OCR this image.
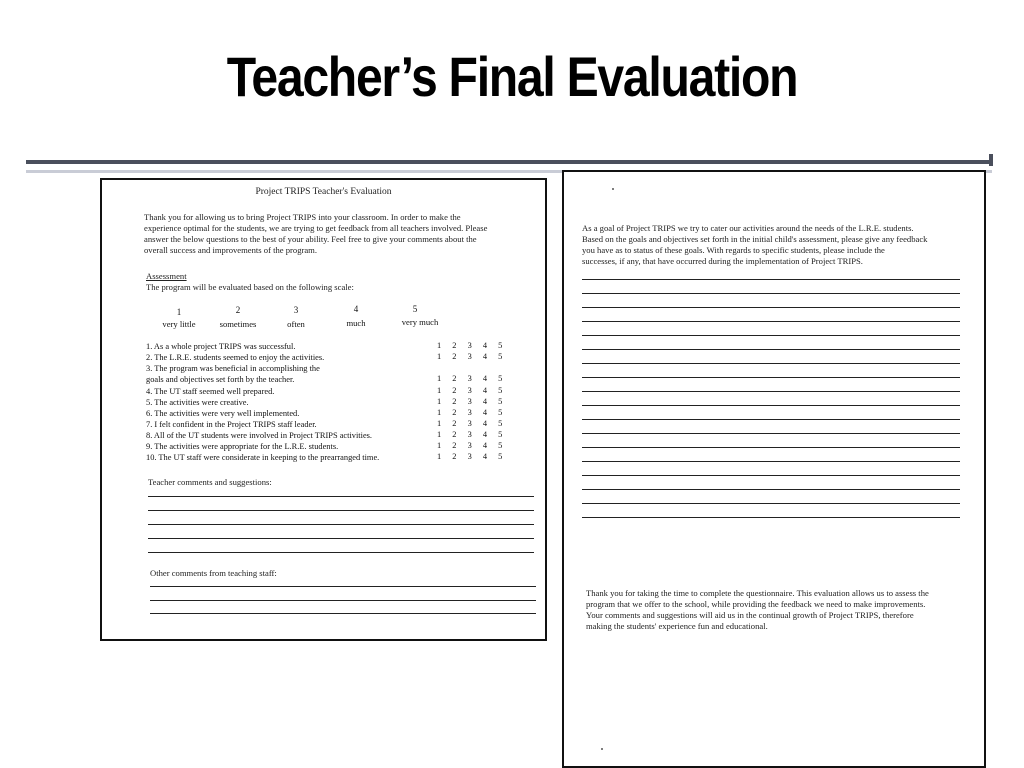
Teacher’s Final Evaluation
Project TRIPS Teacher's Evaluation
Thank you for allowing us to bring Project TRIPS into your classroom. In order to make the
experience optimal for the students, we are trying to get feedback from all teachers involved. Please
answer the below questions to the best of your ability. Feel free to give your comments about the
overall success and improvements of the program.
Assessment
The program will be evaluated based on the following scale:
1	2	3	4	5
very little	sometimes	often	much	very much
1. As a whole project TRIPS was successful.	1 2 3 4 5
2. The L.R.E. students seemed to enjoy the activities.	1 2 3 4 5
3. The program was beneficial in accomplishing the
goals and objectives set forth by the teacher.	1 2 3 4 5
4. The UT staff seemed well prepared.	1 2 3 4 5
5. The activities were creative.	1 2 3 4 5
6. The activities were very well implemented.	1 2 3 4 5
7. I felt confident in the Project TRIPS staff leader.	1 2 3 4 5
8. All of the UT students were involved in Project TRIPS activities.	1 2 3 4 5
9. The activities were appropriate for the L.R.E. students.	1 2 3 4 5
10. The UT staff were considerate in keeping to the prearranged time.	1 2 3 4 5
Teacher comments and suggestions:
Other comments from teaching staff:
As a goal of Project TRIPS we try to cater our activities around the needs of the L.R.E. students.
Based on the goals and objectives set forth in the initial child's assessment, please give any feedback
you have as to status of these goals. With regards to specific students, please include the
successes, if any, that have occurred during the implementation of Project TRIPS.
Thank you for taking the time to complete the questionnaire. This evaluation allows us to assess the
program that we offer to the school, while providing the feedback we need to make improvements.
Your comments and suggestions will aid us in the continual growth of Project TRIPS, therefore
making the students' experience fun and educational.
